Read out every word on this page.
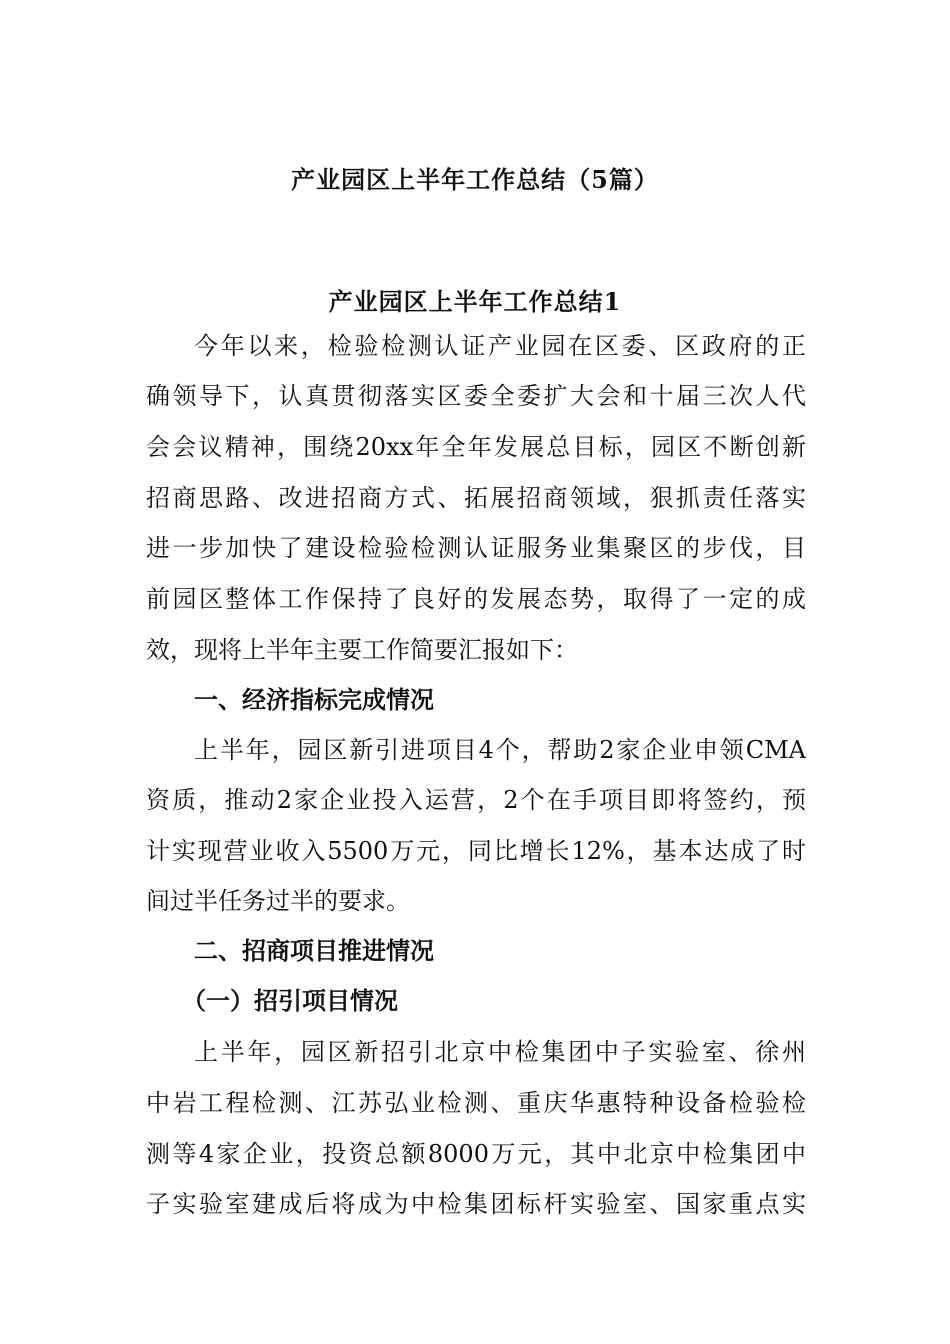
产业园区上半年工作总结（5篇）
产业园区上半年工作总结1

今年以来，检验检测认证产业园在区委、区政府的正

确领导下，认真贯彻落实区委全委扩大会和十届三次人代

会会议精神，围绕20xx年全年发展总目标，园区不断创新

招商思路、改进招商方式、拓展招商领域，狠抓责任落实

进一步加快了建设检验检测认证服务业集聚区的步伐，目

前园区整体工作保持了良好的发展态势，取得了一定的成

效，现将上半年主要工作简要汇报如下：

一、经济指标完成情况

上半年，园区新引进项目4个，帮助2家企业申领CMA

资质，推动2家企业投入运营，2个在手项目即将签约，预

计实现营业收入5500万元，同比增长12%，基本达成了时

间过半任务过半的要求。

二、招商项目推进情况

（一）招引项目情况

上半年，园区新招引北京中检集团中子实验室、徐州

中岩工程检测、江苏弘业检测、重庆华惠特种设备检验检

测等4家企业，投资总额8000万元，其中北京中检集团中

子实验室建成后将成为中检集团标杆实验室、国家重点实
